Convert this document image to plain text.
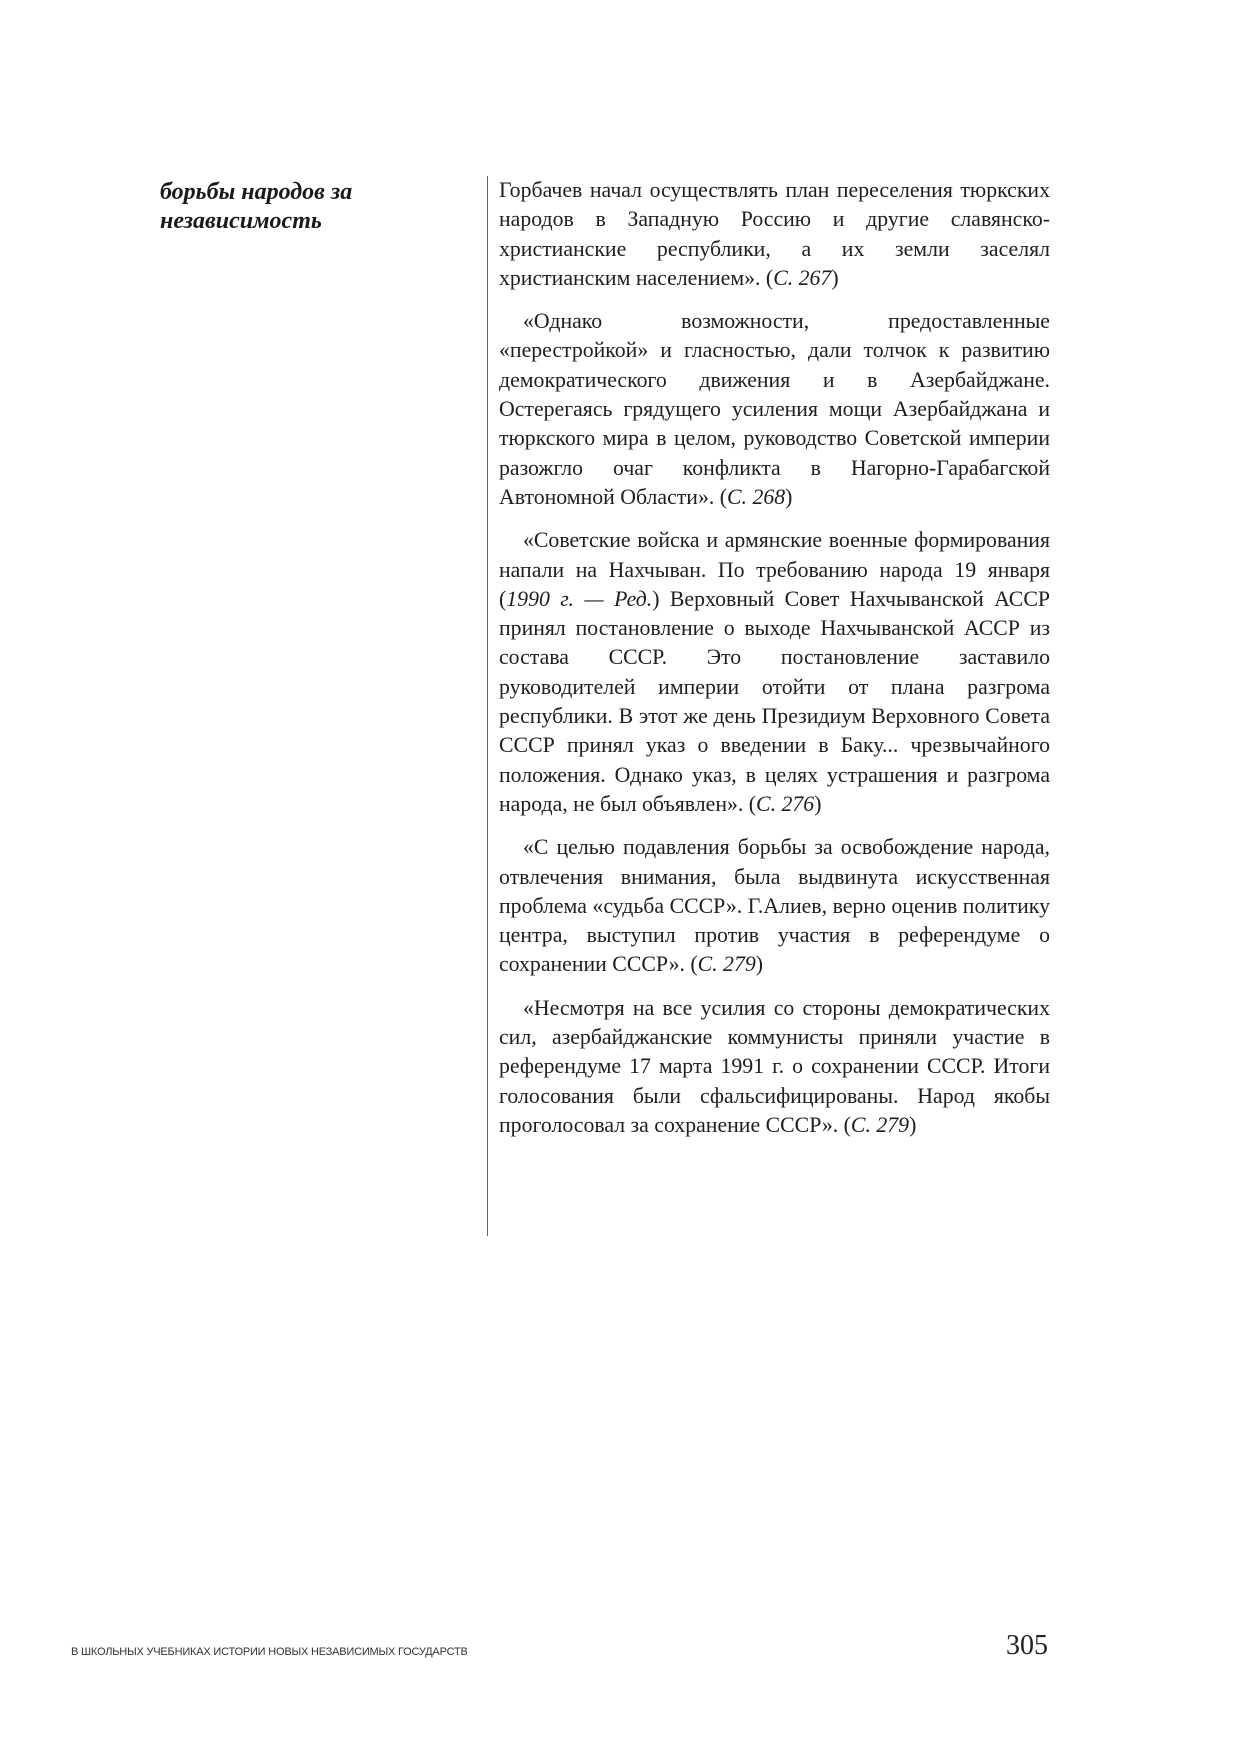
борьбы народов за
независимость

Горбачев начал осуществлять план переселения тюркских народов в Западную Россию и другие славянско-христианские республики, а их земли заселял христианским населением». (С. 267)

«Однако возможности, предоставленные «перестройкой» и гласностью, дали толчок к развитию демократического движения и в Азербайджане. Остерегаясь грядущего усиления мощи Азербайджана и тюркского мира в целом, руководство Советской империи разожгло очаг конфликта в Нагорно-Гарабагской Автономной Области». (С. 268)

«Советские войска и армянские военные формирования напали на Нахчыван. По требованию народа 19 января (1990 г. — Ред.) Верховный Совет Нахчыванской АССР принял постановление о выходе Нахчыванской АССР из состава СССР. Это постановление заставило руководителей империи отойти от плана разгрома республики. В этот же день Президиум Верховного Совета СССР принял указ о введении в Баку... чрезвычайного положения. Однако указ, в целях устрашения и разгрома народа, не был объявлен». (С. 276)

«С целью подавления борьбы за освобождение народа, отвлечения внимания, была выдвинута искусственная проблема «судьба СССР». Г.Алиев, верно оценив политику центра, выступил против участия в референдуме о сохранении СССР». (С. 279)

«Несмотря на все усилия со стороны демократических сил, азербайджанские коммунисты приняли участие в референдуме 17 марта 1991 г. о сохранении СССР. Итоги голосования были сфальсифицированы. Народ якобы проголосовал за сохранение СССР». (С. 279)

В ШКОЛЬНЫХ УЧЕБНИКАХ ИСТОРИИ НОВЫХ НЕЗАВИСИМЫХ ГОСУДАРСТВ	305
